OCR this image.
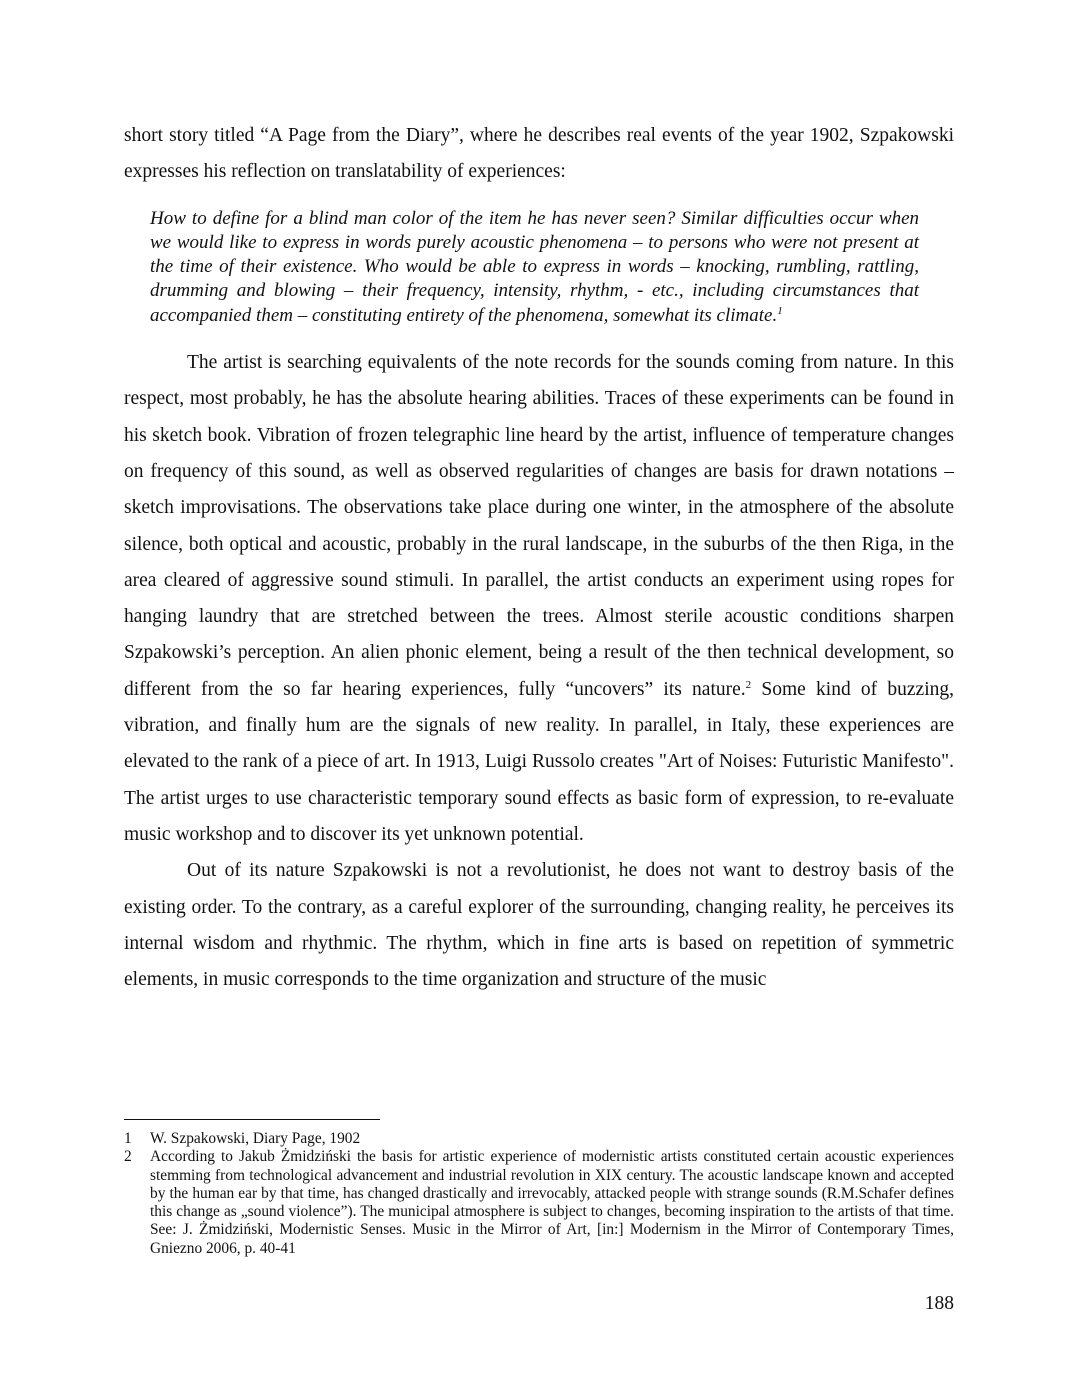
short story titled “A Page from the Diary”, where he describes real events of the year 1902, Szpakowski expresses his reflection on translatability of experiences:

How to define for a blind man color of the item he has never seen? Similar difficulties occur when we would like to express in words purely acoustic phenomena – to persons who were not present at the time of their existence. Who would be able to express in words – knocking, rumbling, rattling, drumming and blowing – their frequency, intensity, rhythm, - etc., including circumstances that accompanied them – constituting entirety of the phenomena, somewhat its climate.$^1$

The artist is searching equivalents of the note records for the sounds coming from nature. In this respect, most probably, he has the absolute hearing abilities. Traces of these experiments can be found in his sketch book. Vibration of frozen telegraphic line heard by the artist, influence of temperature changes on frequency of this sound, as well as observed regularities of changes are basis for drawn notations – sketch improvisations. The observations take place during one winter, in the atmosphere of the absolute silence, both optical and acoustic, probably in the rural landscape, in the suburbs of the then Riga, in the area cleared of aggressive sound stimuli. In parallel, the artist conducts an experiment using ropes for hanging laundry that are stretched between the trees. Almost sterile acoustic conditions sharpen Szpakowski’s perception. An alien phonic element, being a result of the then technical development, so different from the so far hearing experiences, fully “uncovers” its nature.$^2$ Some kind of buzzing, vibration, and finally hum are the signals of new reality. In parallel, in Italy, these experiences are elevated to the rank of a piece of art. In 1913, Luigi Russolo creates "Art of Noises: Futuristic Manifesto". The artist urges to use characteristic temporary sound effects as basic form of expression, to re-evaluate music workshop and to discover its yet unknown potential.

Out of its nature Szpakowski is not a revolutionist, he does not want to destroy basis of the existing order. To the contrary, as a careful explorer of the surrounding, changing reality, he perceives its internal wisdom and rhythmic. The rhythm, which in fine arts is based on repetition of symmetric elements, in music corresponds to the time organization and structure of the music

1	W. Szpakowski, Diary Page, 1902
2	According to Jakub Żmidziński the basis for artistic experience of modernistic artists constituted certain acoustic experiences stemming from technological advancement and industrial revolution in XIX century. The acoustic landscape known and accepted by the human ear by that time, has changed drastically and irrevocably, attacked people with strange sounds (R.M.Schafer defines this change as „sound violence”). The municipal atmosphere is subject to changes, becoming inspiration to the artists of that time. See: J. Żmidziński, Modernistic Senses. Music in the Mirror of Art, [in:] Modernism in the Mirror of Contemporary Times, Gniezno 2006, p. 40-41
188
